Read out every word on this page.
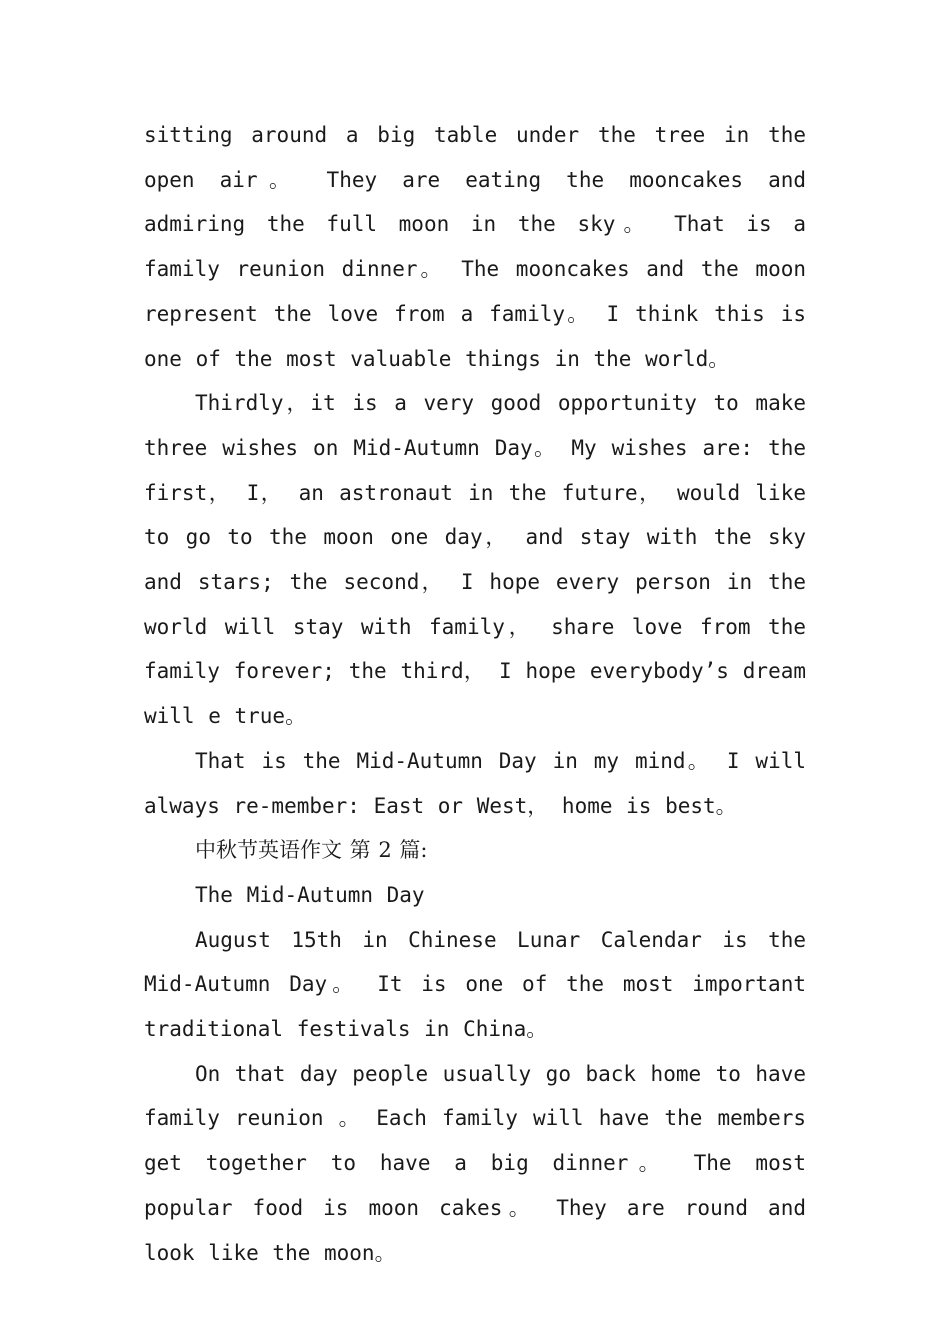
sitting around a big table under the tree in the open air。 They are eating the mooncakes and admiring the full moon in the sky。 That is a family reunion dinner。 The mooncakes and the moon represent the love from a family。 I think this is one of the most valuable things in the world。

Thirdly，it is a very good opportunity to make three wishes on Mid-Autumn Day。 My wishes are: the first， I， an astronaut in the future， would like to go to the moon one day， and stay with the sky and stars; the second， I hope every person in the world will stay with family， share love from the family forever; the third， I hope everybody’s dream will e true。

That is the Mid-Autumn Day in my mind。 I will always re-member: East or West， home is best。

中秋节英语作文 第 2 篇:

The Mid-Autumn Day

August 15th in Chinese Lunar Calendar is the Mid-Autumn Day。 It is one of the most important traditional festivals in China。

On that day people usually go back home to have family reunion 。 Each family will have the members get together to have a big dinner。 The most popular food is moon cakes。 They are round and look like the moon。
